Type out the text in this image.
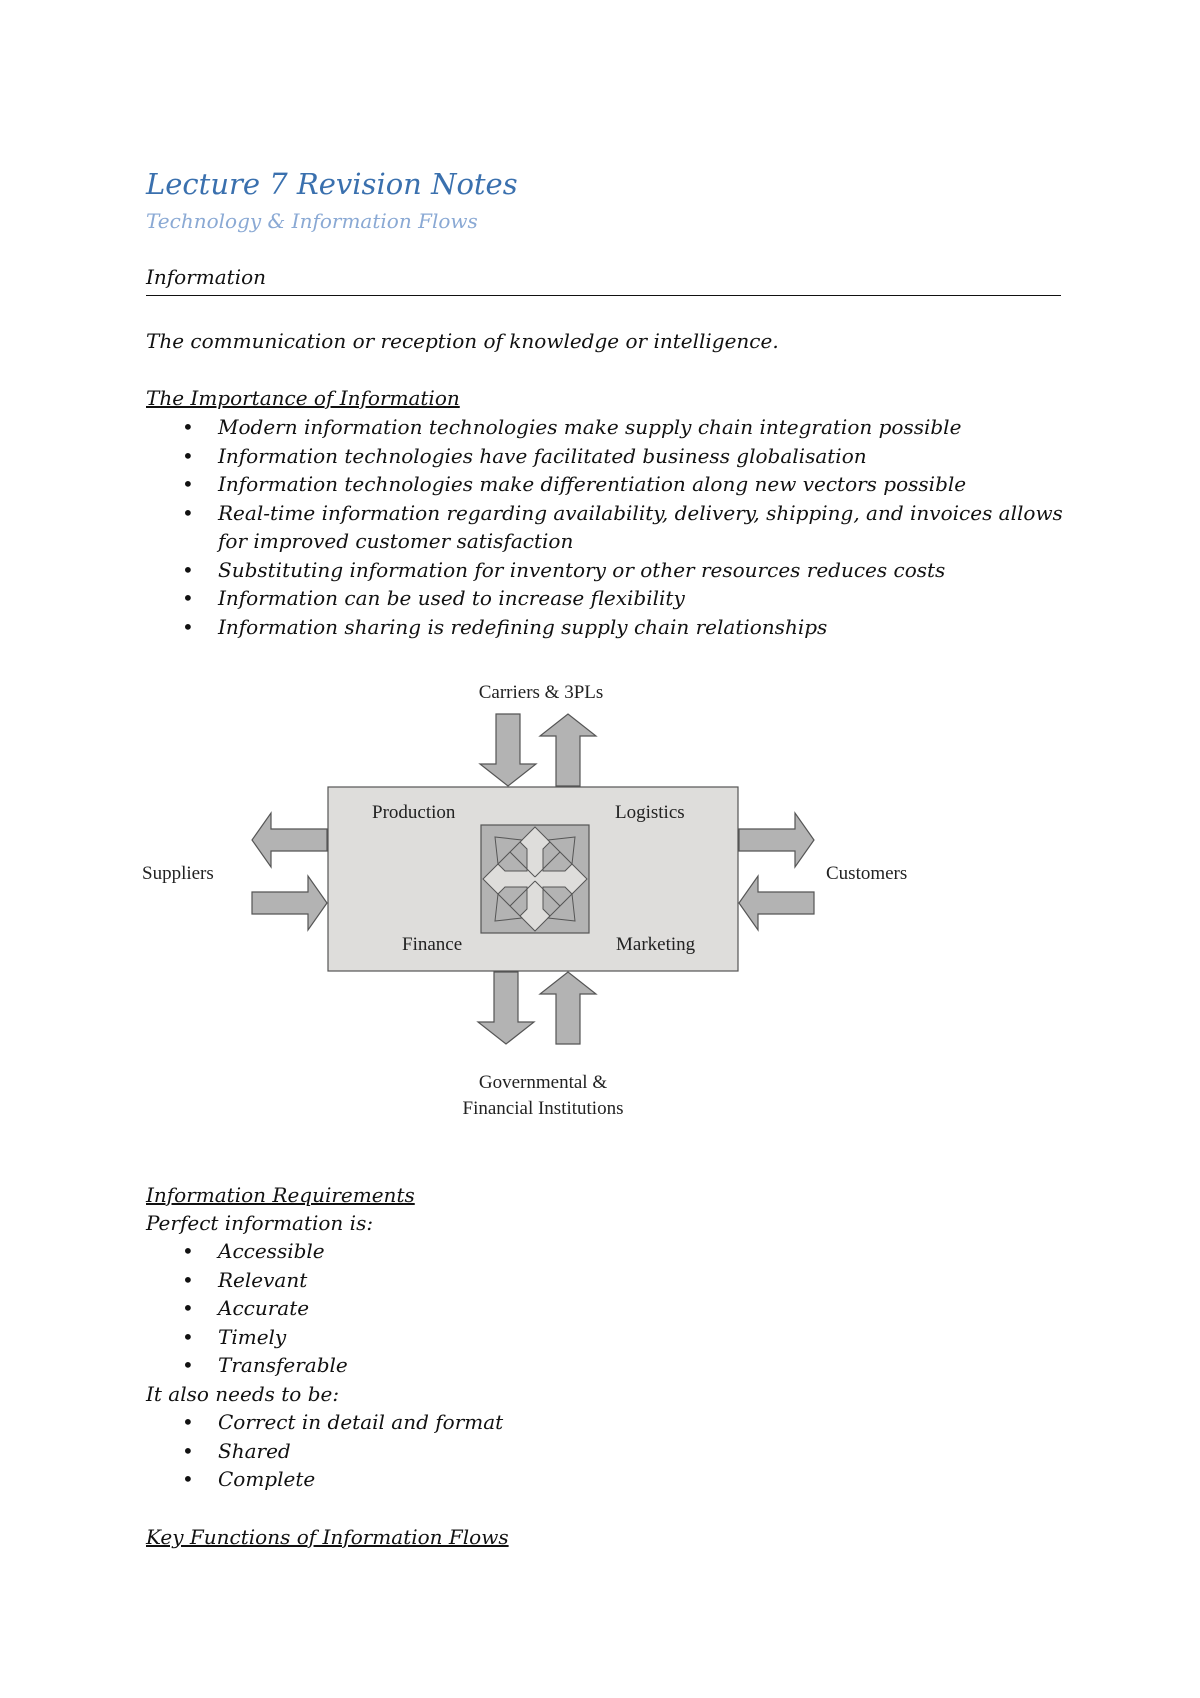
Lecture 7 Revision Notes
Technology & Information Flows
Information
The communication or reception of knowledge or intelligence.
The Importance of Information
• Modern information technologies make supply chain integration possible
• Information technologies have facilitated business globalisation
• Information technologies make differentiation along new vectors possible
• Real-time information regarding availability, delivery, shipping, and invoices allows for improved customer satisfaction
• Substituting information for inventory or other resources reduces costs
• Information can be used to increase flexibility
• Information sharing is redefining supply chain relationships
Carriers & 3PLs
Suppliers	Customers
Governmental &
Financial Institutions
Production	Logistics
Finance	Marketing
Information Requirements
Perfect information is:
• Accessible
• Relevant
• Accurate
• Timely
• Transferable
It also needs to be:
• Correct in detail and format
• Shared
• Complete
Key Functions of Information Flows
